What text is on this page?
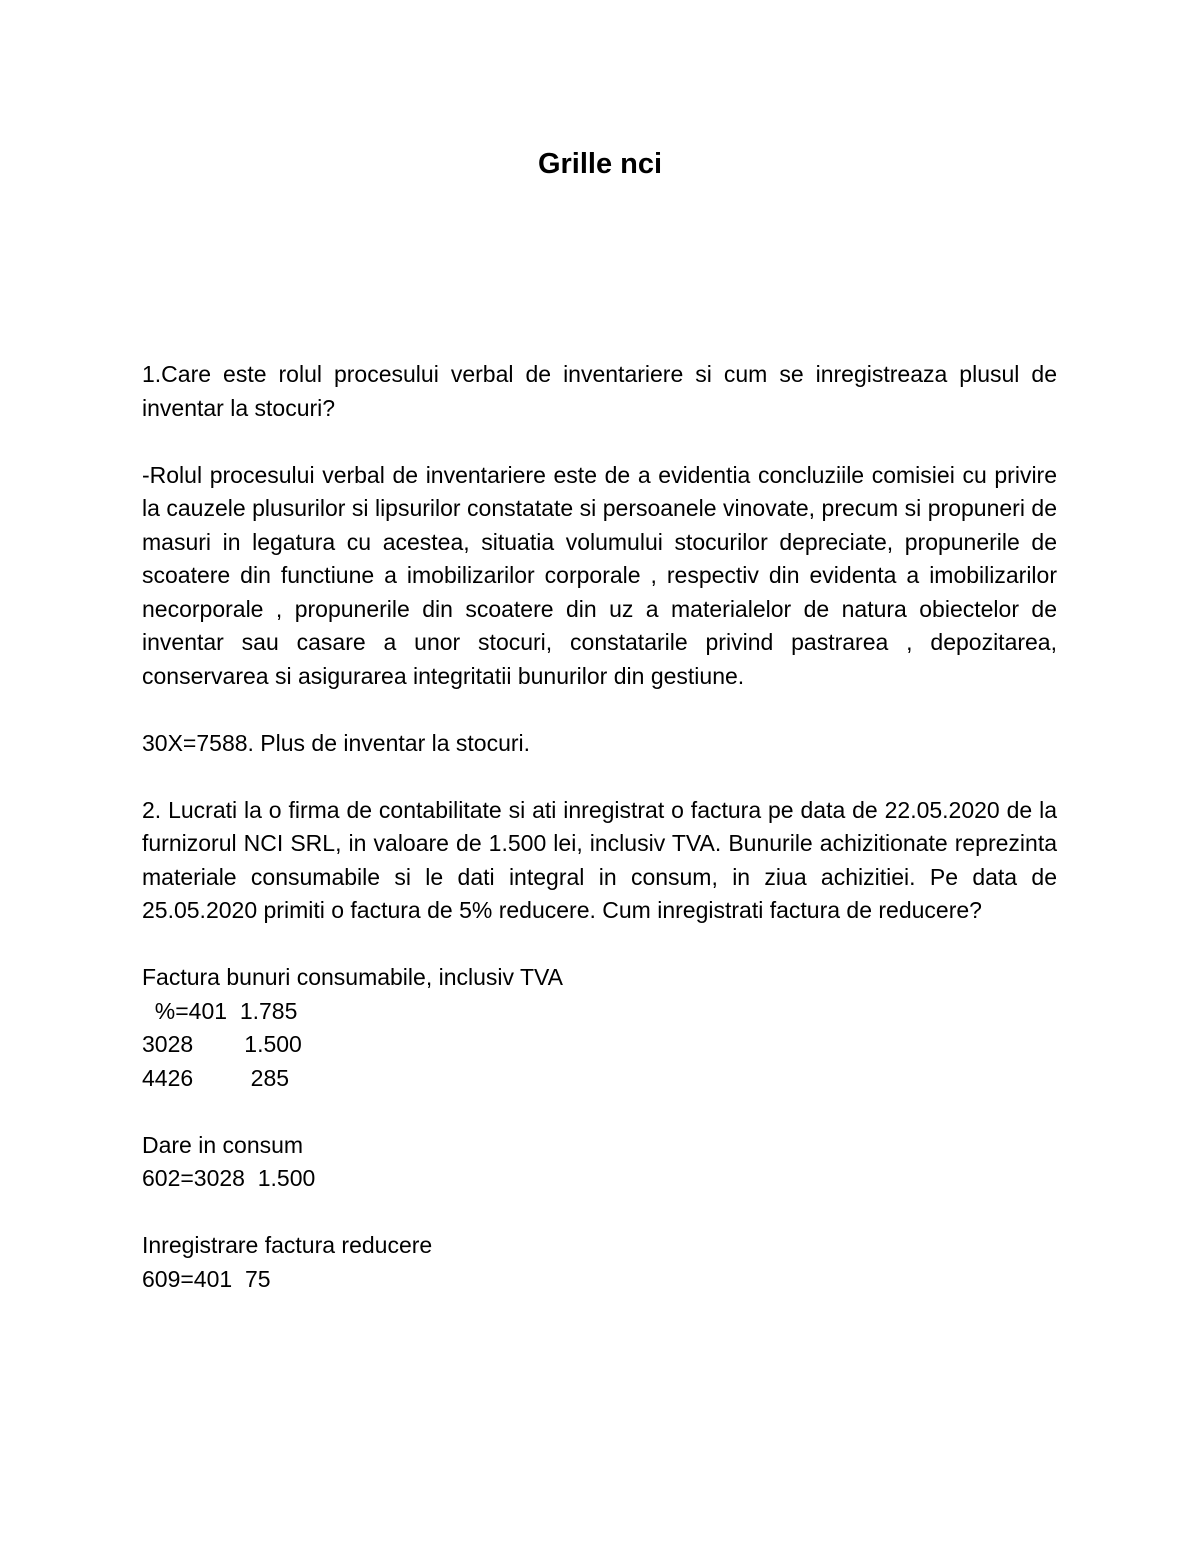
Grille nci

1.Care este rolul procesului verbal de inventariere si cum se inregistreaza plusul de inventar la stocuri?

-Rolul procesului verbal de inventariere este de a evidentia concluziile comisiei cu privire la cauzele plusurilor si lipsurilor constatate si persoanele vinovate, precum si propuneri de masuri in legatura cu acestea, situatia volumului stocurilor depreciate, propunerile de scoatere din functiune a imobilizarilor corporale , respectiv din evidenta a imobilizarilor necorporale , propunerile din scoatere din uz a materialelor de natura obiectelor de inventar sau casare a unor stocuri, constatarile privind pastrarea , depozitarea, conservarea si asigurarea integritatii bunurilor din gestiune.

30X=7588. Plus de inventar la stocuri.

2. Lucrati la o firma de contabilitate si ati inregistrat o factura pe data de 22.05.2020 de la furnizorul NCI SRL, in valoare de 1.500 lei, inclusiv TVA. Bunurile achizitionate reprezinta materiale consumabile si le dati integral in consum, in ziua achizitiei. Pe data de 25.05.2020 primiti o factura de 5% reducere. Cum inregistrati factura de reducere?

Factura bunuri consumabile, inclusiv TVA

%=401  1.785

3028        1.500

4426         285

Dare in consum

602=3028  1.500

Inregistrare factura reducere

609=401  75
